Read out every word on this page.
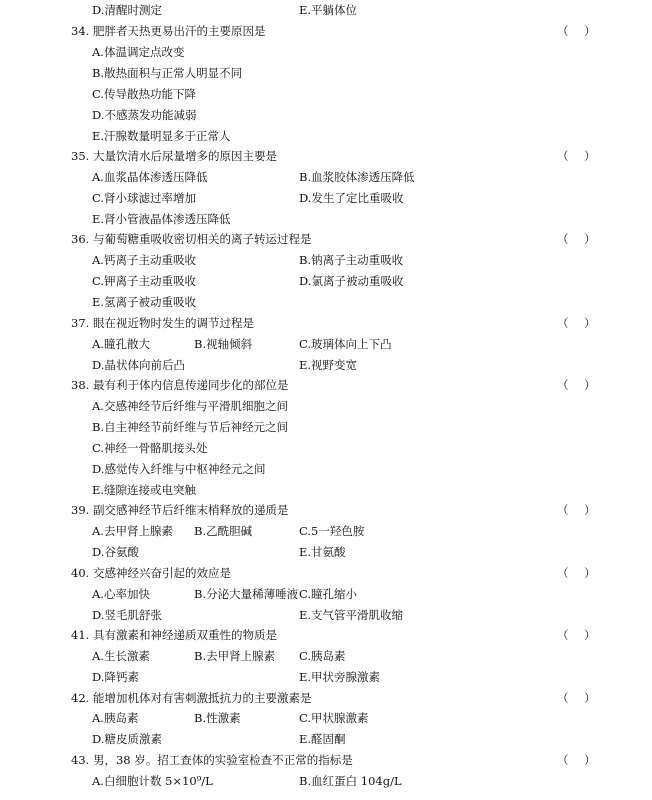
D.清醒时测定	E.平躺体位
34. 肥胖者天热更易出汗的主要原因是	（ ）
A.体温调定点改变
B.散热面积与正常人明显不同
C.传导散热功能下降
D.不感蒸发功能减弱
E.汗腺数量明显多于正常人
35. 大量饮清水后尿量增多的原因主要是	（ ）
A.血浆晶体渗透压降低	B.血浆胶体渗透压降低
C.肾小球滤过率增加	D.发生了定比重吸收
E.肾小管液晶体渗透压降低
36. 与葡萄糖重吸收密切相关的离子转运过程是	（ ）
A.钙离子主动重吸收	B.钠离子主动重吸收
C.钾离子主动重吸收	D.氯离子被动重吸收
E.氢离子被动重吸收
37. 眼在视近物时发生的调节过程是	（ ）
A.瞳孔散大	B.视轴倾斜	C.玻璃体向上下凸
D.晶状体向前后凸	E.视野变宽
38. 最有利于体内信息传递同步化的部位是	（ ）
A.交感神经节后纤维与平滑肌细胞之间
B.自主神经节前纤维与节后神经元之间
C.神经一骨骼肌接头处
D.感觉传入纤维与中枢神经元之间
E.缝隙连接或电突触
39. 副交感神经节后纤维末梢释放的递质是	（ ）
A.去甲肾上腺素 B.乙酰胆碱	C.5一羟色胺
D.谷氨酸	E.甘氨酸
40. 交感神经兴奋引起的效应是	（ ）
A.心率加快	B.分泌大量稀薄唾液 C.瞳孔缩小
D.竖毛肌舒张	E.支气管平滑肌收缩
41. 具有激素和神经递质双重性的物质是	（ ）
A.生长激素	B.去甲肾上腺素 C.胰岛素
D.降钙素	E.甲状旁腺激素
42. 能增加机体对有害刺激抵抗力的主要激素是	（ ）
A.胰岛素	B.性激素	C.甲状腺激素
D.糖皮质激素	E.醛固酮
43. 男，38 岁。招工查体的实验室检查不正常的指标是	（ ）
A.白细胞计数 5×10⁹/L	B.血红蛋白 104g/L
